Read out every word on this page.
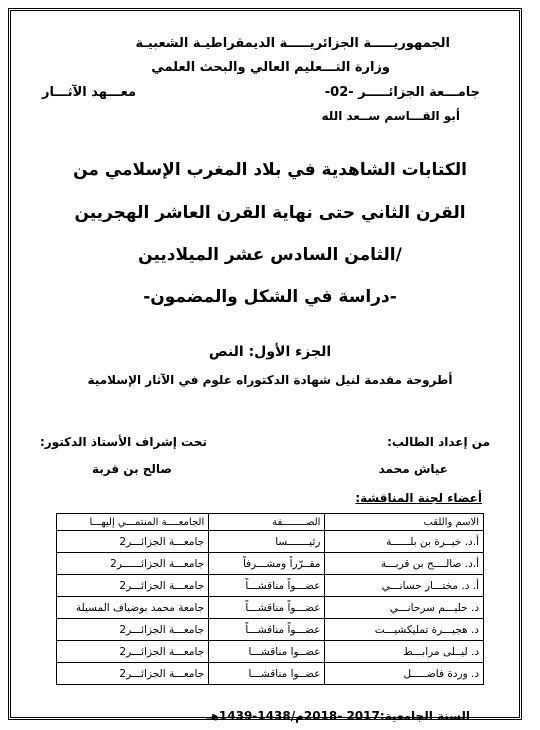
الجمهوريـــــة الجزائريـــــة الديمقراطيـة الشعبيـة
وزارة التـــعليم العالي والبحث العلمي
جامـــعة الجزائـــــر -02-
معـــهد الآثـــار
أبو القـــاسم ســعد الله
الكتابات الشاهدية في بلاد المغرب الإسلامي من
القرن الثاني حتى نهاية القرن العاشر الهجريين
/الثامن السادس عشر الميلاديين
-دراسة في الشكل والمضمون-
الجزء الأول: النص
أطروحة مقدمة لنيل شهادة الدكتوراه علوم في الآثار الإسلامية
من إعداد الطالب:
تحت إشراف الأستاذ الدكتور:
عياش محمد
صالح بن قربة
أعضاء لجنة المناقشة:
الاسم واللقب	الصــــــــفة	الجامعــــة المنتمـــي إليهـــا
أ.د. خيــرة بن بلــــــة	رئيـــــــسا	جامعـــة الجزائـــر2
أ.د. صالــــح بن قربـــة	مقــرّراً ومشـــرفاً	جامعـــة الجزائــــــر2
أ. د. مختـــار حسانـــي	عضـــواً مناقشـــاً	جامعـــة الجزائـــر2
د. حليـــم سرحانـــي	عضـــواً مناقشـــاً	جامعة محمد بوضياف المسيلة
د. هجيـــرة تمليكشيـــت	عضـــواً مناقشـــاً	جامعـــة الجزائـــر2
د. ليــلى مرابـــط	عضــوا مناقشـــا	جامعـــة الجزائـــر2
د. وردة فاضـــــل	عضــوا مناقشـــا	جامعـــة الجزائـــر2
السنة الجامعية:2017 -2018م/1438-1439هـ
